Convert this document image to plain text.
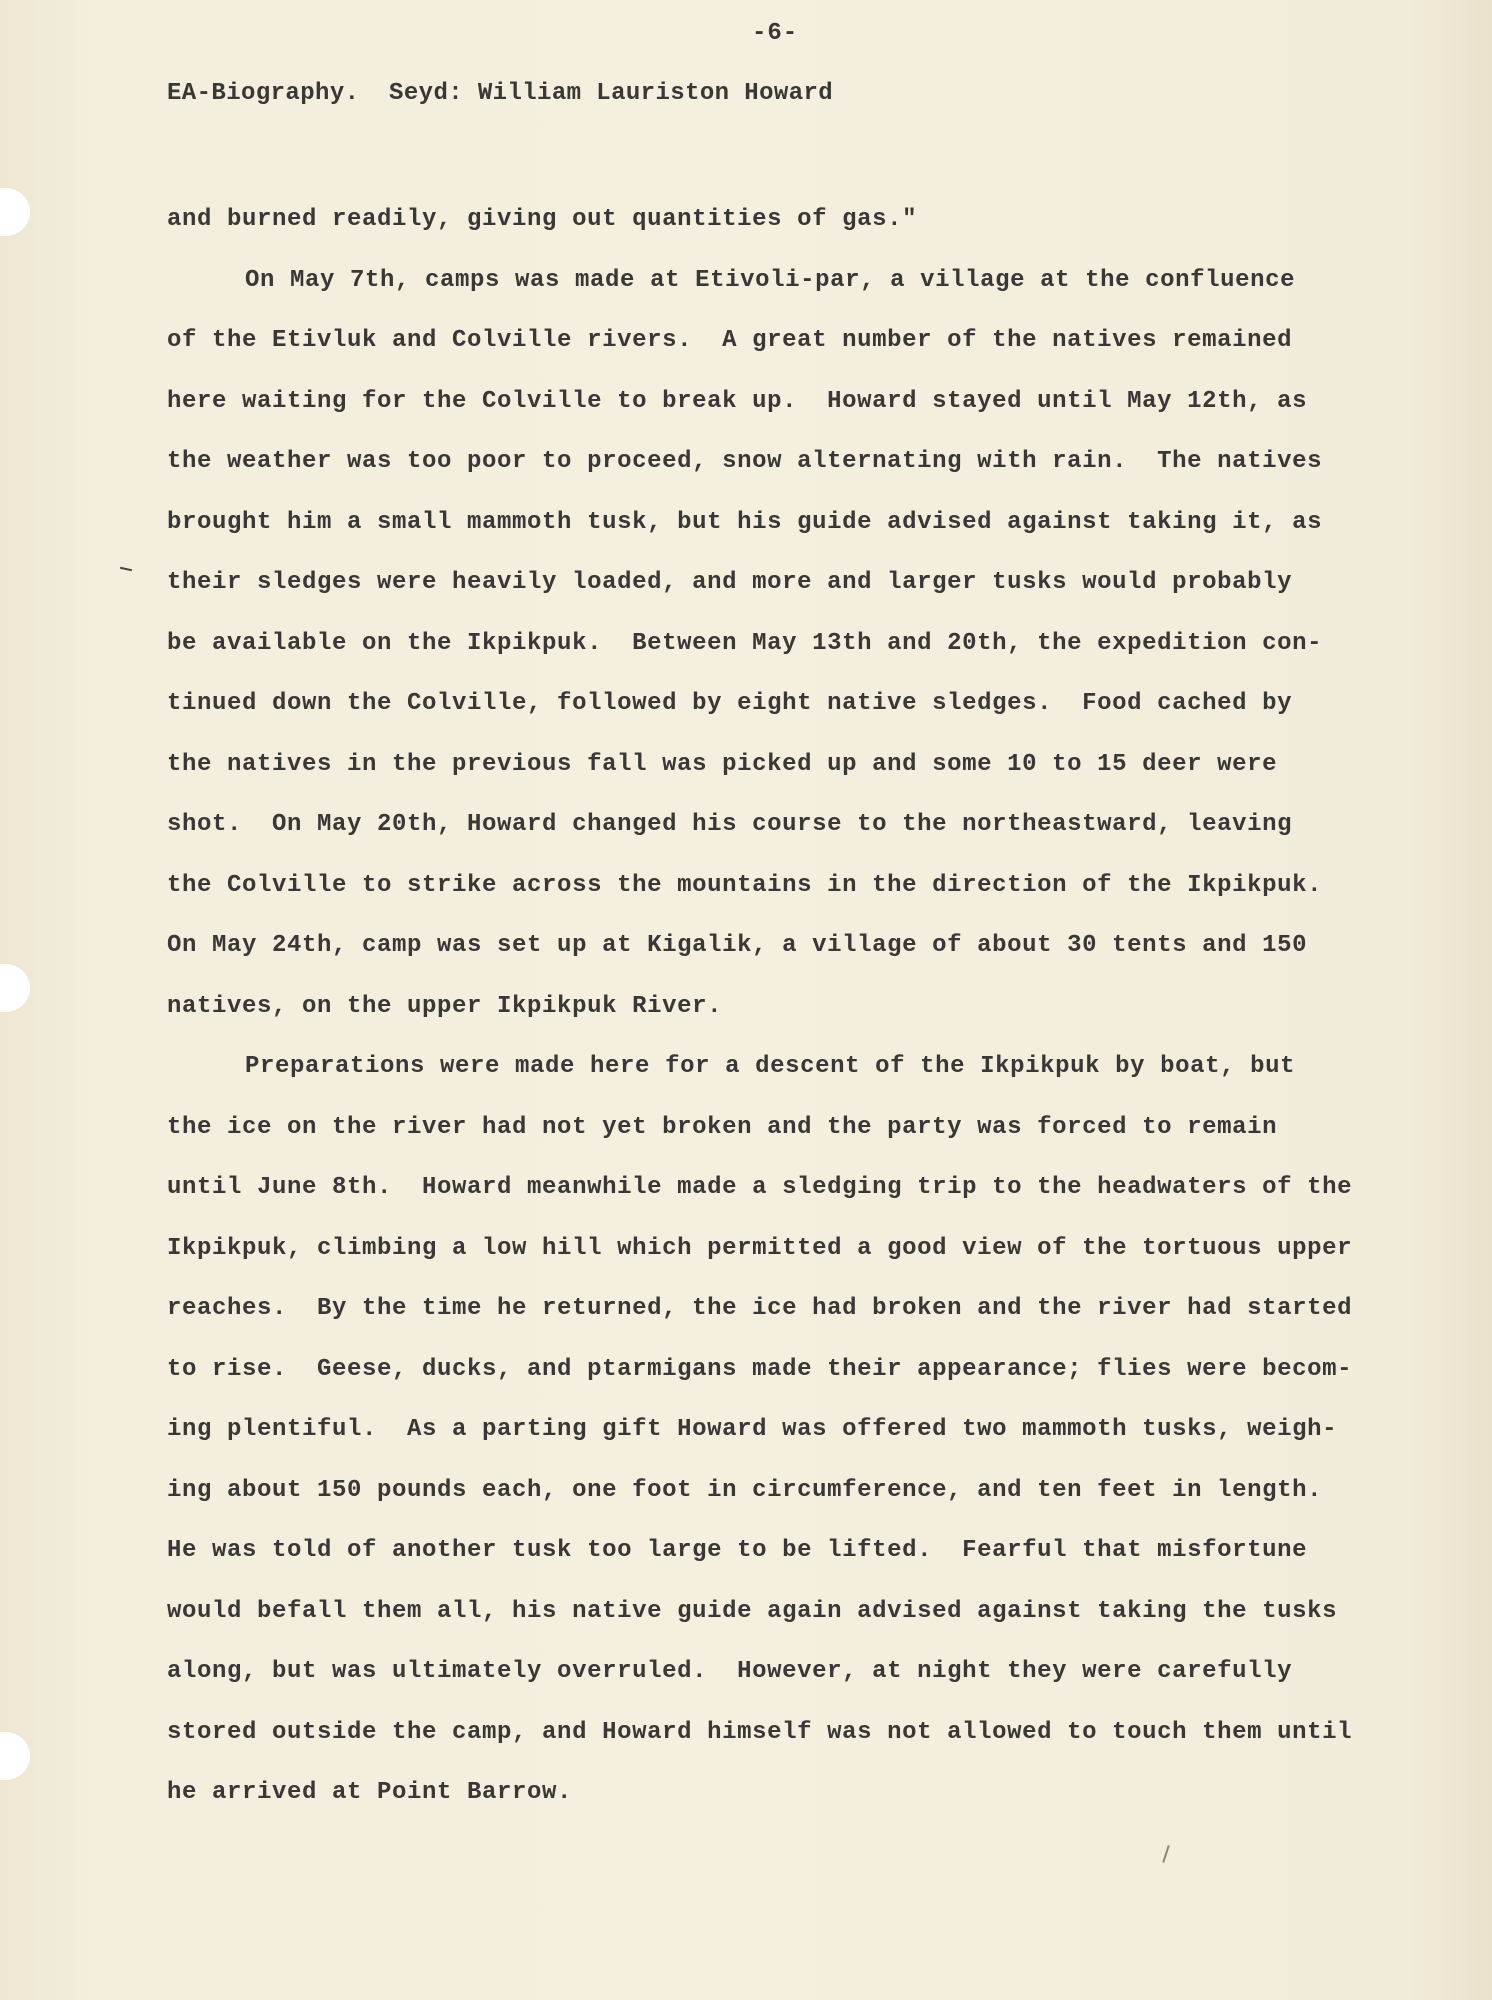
-6-
EA-Biography.  Seyd: William Lauriston Howard
and burned readily, giving out quantities of gas."
On May 7th, camps was made at Etivoli-par, a village at the confluence
of the Etivluk and Colville rivers.  A great number of the natives remained
here waiting for the Colville to break up.  Howard stayed until May 12th, as
the weather was too poor to proceed, snow alternating with rain.  The natives
brought him a small mammoth tusk, but his guide advised against taking it, as
their sledges were heavily loaded, and more and larger tusks would probably
be available on the Ikpikpuk.  Between May 13th and 20th, the expedition con-
tinued down the Colville, followed by eight native sledges.  Food cached by
the natives in the previous fall was picked up and some 10 to 15 deer were
shot.  On May 20th, Howard changed his course to the northeastward, leaving
the Colville to strike across the mountains in the direction of the Ikpikpuk.
On May 24th, camp was set up at Kigalik, a village of about 30 tents and 150
natives, on the upper Ikpikpuk River.
Preparations were made here for a descent of the Ikpikpuk by boat, but
the ice on the river had not yet broken and the party was forced to remain
until June 8th.  Howard meanwhile made a sledging trip to the headwaters of the
Ikpikpuk, climbing a low hill which permitted a good view of the tortuous upper
reaches.  By the time he returned, the ice had broken and the river had started
to rise.  Geese, ducks, and ptarmigans made their appearance; flies were becom-
ing plentiful.  As a parting gift Howard was offered two mammoth tusks, weigh-
ing about 150 pounds each, one foot in circumference, and ten feet in length.
He was told of another tusk too large to be lifted.  Fearful that misfortune
would befall them all, his native guide again advised against taking the tusks
along, but was ultimately overruled.  However, at night they were carefully
stored outside the camp, and Howard himself was not allowed to touch them until
he arrived at Point Barrow.
